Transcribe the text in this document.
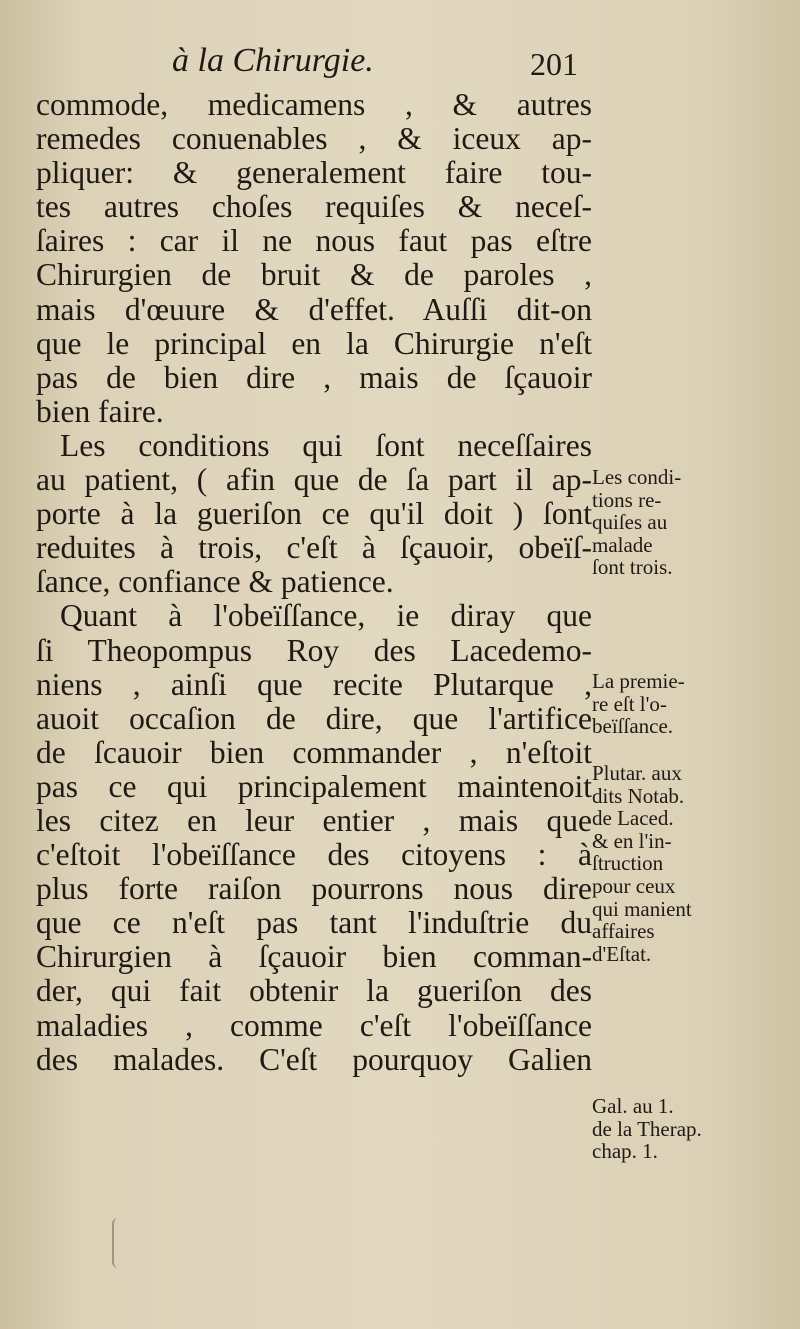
à la Chirurgie.	201
commode, medicamens , & autres
remedes conuenables , & iceux ap-
pliquer: & generalement faire tou-
tes autres choſes requiſes & neceſ-
ſaires : car il ne nous faut pas eſtre
Chirurgien de bruit & de paroles ,
mais d'œuure & d'effet. Auſſi dit-on
que le principal en la Chirurgie n'eſt
pas de bien dire , mais de ſçauoir
bien faire.
Les conditions qui ſont neceſſaires
au patient, ( afin que de ſa part il ap-
porte à la gueriſon ce qu'il doit ) ſont
reduites à trois, c'eſt à ſçauoir, obeïſ-
ſance, confiance & patience.
Quant à l'obeïſſance, ie diray que
ſi Theopompus Roy des Lacedemo-
niens , ainſi que recite Plutarque ,
auoit occaſion de dire, que l'artifice
de ſcauoir bien commander , n'eſtoit
pas ce qui principalement maintenoit
les citez en leur entier , mais que
c'eſtoit l'obeïſſance des citoyens : à
plus forte raiſon pourrons nous dire
que ce n'eſt pas tant l'induſtrie du
Chirurgien à ſçauoir bien comman-
der, qui fait obtenir la gueriſon des
maladies , comme c'eſt l'obeïſſance
des malades. C'eſt pourquoy Galien
Les condi-
tions re-
quiſes au
malade
ſont trois.
La premie-
re eſt l'o-
beïſſance.
Plutar. aux
dits Notab.
de Laced.
& en l'in-
ſtruction
pour ceux
qui manient
affaires
d'Eſtat.
Gal. au 1.
de la Therap.
chap. 1.
